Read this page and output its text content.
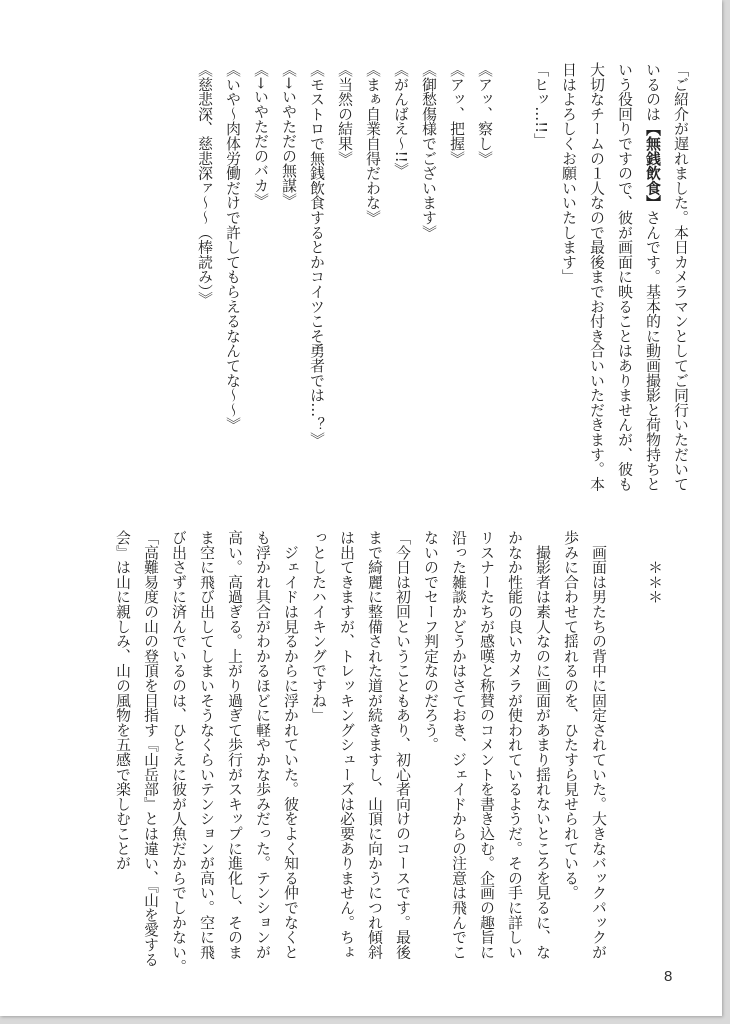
「ご紹介が遅れました。本日カメラマンとしてご同行いただいて
いるのは【無銭飲食】さんです。基本的に動画撮影と荷物持ちと
いう役回りですので、彼が画面に映ることはありませんが、彼も
大切なチームの１人なので最後までお付き合いいただきます。本
日はよろしくお願いいたします」
「ヒッ…!!」
《アッ、察し》
《アッ、把握》
《御愁傷様でございます》
《がんばえ〜!!》
《まぁ自業自得だわな》
《当然の結果》
《モストロで無銭飲食するとかコイツこそ勇者では…？》
《→いやただの無謀》
《→いやただのバカ》
《いや〜肉体労働だけで許してもらえるなんてな〜〜》
《慈悲深、慈悲深ァ〜〜（棒読み）》
　　＊＊＊
　画面は男たちの背中に固定されていた。大きなバックパックが
歩みに合わせて揺れるのを、ひたすら見せられている。
　撮影者は素人なのに画面があまり揺れないところを見るに、な
かなか性能の良いカメラが使われているようだ。その手に詳しい
リスナーたちが感嘆と称賛のコメントを書き込む。企画の趣旨に
沿った雑談かどうかはさておき、ジェイドからの注意は飛んでこ
ないのでセーフ判定なのだろう。
「今日は初回ということもあり、初心者向けのコースです。最後
まで綺麗に整備された道が続きますし、山頂に向かうにつれ傾斜
は出てきますが、トレッキングシューズは必要ありません。ちょ
っとしたハイキングですね」
　ジェイドは見るからに浮かれていた。彼をよく知る仲でなくと
も浮かれ具合がわかるほどに軽やかな歩みだった。テンションが
高い。高過ぎる。上がり過ぎて歩行がスキップに進化し、そのま
ま空に飛び出してしまいそうなくらいテンションが高い。空に飛
び出さずに済んでいるのは、ひとえに彼が人魚だからでしかない。
「高難易度の山の登頂を目指す『山岳部』とは違い、『山を愛する
会』は山に親しみ、山の風物を五感で楽しむことが
8
